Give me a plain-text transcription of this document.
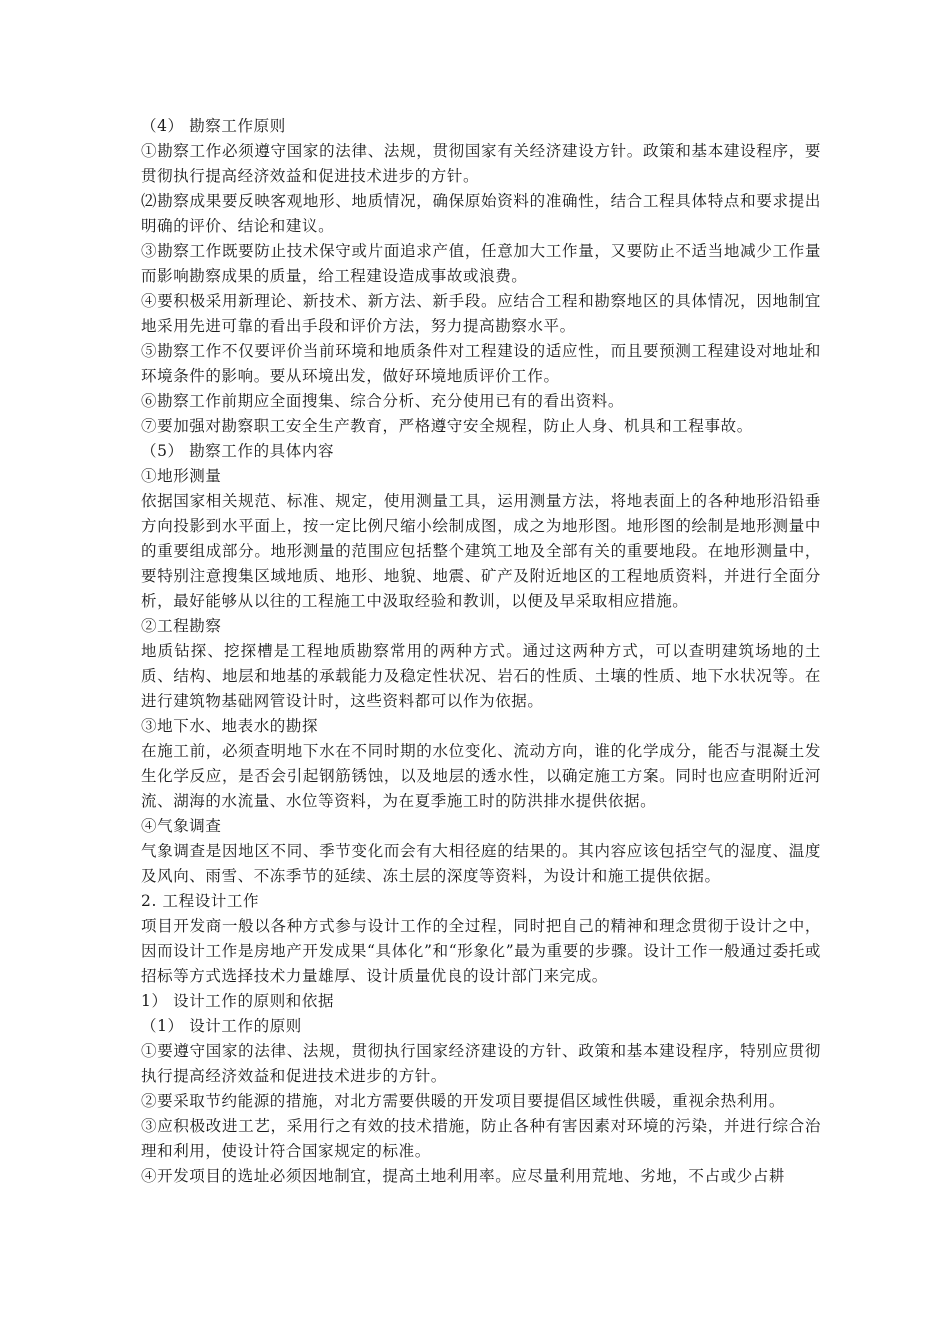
（4） 勘察工作原则

①勘察工作必须遵守国家的法律、法规，贯彻国家有关经济建设方针。政策和基本建设程序，要贯彻执行提高经济效益和促进技术进步的方针。

⑵勘察成果要反映客观地形、地质情况，确保原始资料的准确性，结合工程具体特点和要求提出明确的评价、结论和建议。

③勘察工作既要防止技术保守或片面追求产值，任意加大工作量，又要防止不适当地减少工作量而影响勘察成果的质量，给工程建设造成事故或浪费。

④要积极采用新理论、新技术、新方法、新手段。应结合工程和勘察地区的具体情况，因地制宜地采用先进可靠的看出手段和评价方法，努力提高勘察水平。

⑤勘察工作不仅要评价当前环境和地质条件对工程建设的适应性，而且要预测工程建设对地址和环境条件的影响。要从环境出发，做好环境地质评价工作。

⑥勘察工作前期应全面搜集、综合分析、充分使用已有的看出资料。

⑦要加强对勘察职工安全生产教育，严格遵守安全规程，防止人身、机具和工程事故。

（5） 勘察工作的具体内容

①地形测量

依据国家相关规范、标准、规定，使用测量工具，运用测量方法，将地表面上的各种地形沿铅垂方向投影到水平面上，按一定比例尺缩小绘制成图，成之为地形图。地形图的绘制是地形测量中的重要组成部分。地形测量的范围应包括整个建筑工地及全部有关的重要地段。在地形测量中，要特别注意搜集区域地质、地形、地貌、地震、矿产及附近地区的工程地质资料，并进行全面分析，最好能够从以往的工程施工中汲取经验和教训，以便及早采取相应措施。

②工程勘察

地质钻探、挖探槽是工程地质勘察常用的两种方式。通过这两种方式，可以查明建筑场地的土质、结构、地层和地基的承载能力及稳定性状况、岩石的性质、土壤的性质、地下水状况等。在进行建筑物基础网管设计时，这些资料都可以作为依据。

③地下水、地表水的勘探

在施工前，必须查明地下水在不同时期的水位变化、流动方向，谁的化学成分，能否与混凝土发生化学反应，是否会引起钢筋锈蚀，以及地层的透水性，以确定施工方案。同时也应查明附近河流、湖海的水流量、水位等资料，为在夏季施工时的防洪排水提供依据。

④气象调查

气象调查是因地区不同、季节变化而会有大相径庭的结果的。其内容应该包括空气的湿度、温度及风向、雨雪、不冻季节的延续、冻土层的深度等资料，为设计和施工提供依据。

2. 工程设计工作

项目开发商一般以各种方式参与设计工作的全过程，同时把自己的精神和理念贯彻于设计之中，因而设计工作是房地产开发成果“具体化”和“形象化”最为重要的步骤。设计工作一般通过委托或招标等方式选择技术力量雄厚、设计质量优良的设计部门来完成。

1） 设计工作的原则和依据

（1） 设计工作的原则

①要遵守国家的法律、法规，贯彻执行国家经济建设的方针、政策和基本建设程序，特别应贯彻执行提高经济效益和促进技术进步的方针。

②要采取节约能源的措施，对北方需要供暖的开发项目要提倡区域性供暖，重视余热利用。

③应积极改进工艺，采用行之有效的技术措施，防止各种有害因素对环境的污染，并进行综合治理和利用，使设计符合国家规定的标准。

④开发项目的选址必须因地制宜，提高土地利用率。应尽量利用荒地、劣地，不占或少占耕
